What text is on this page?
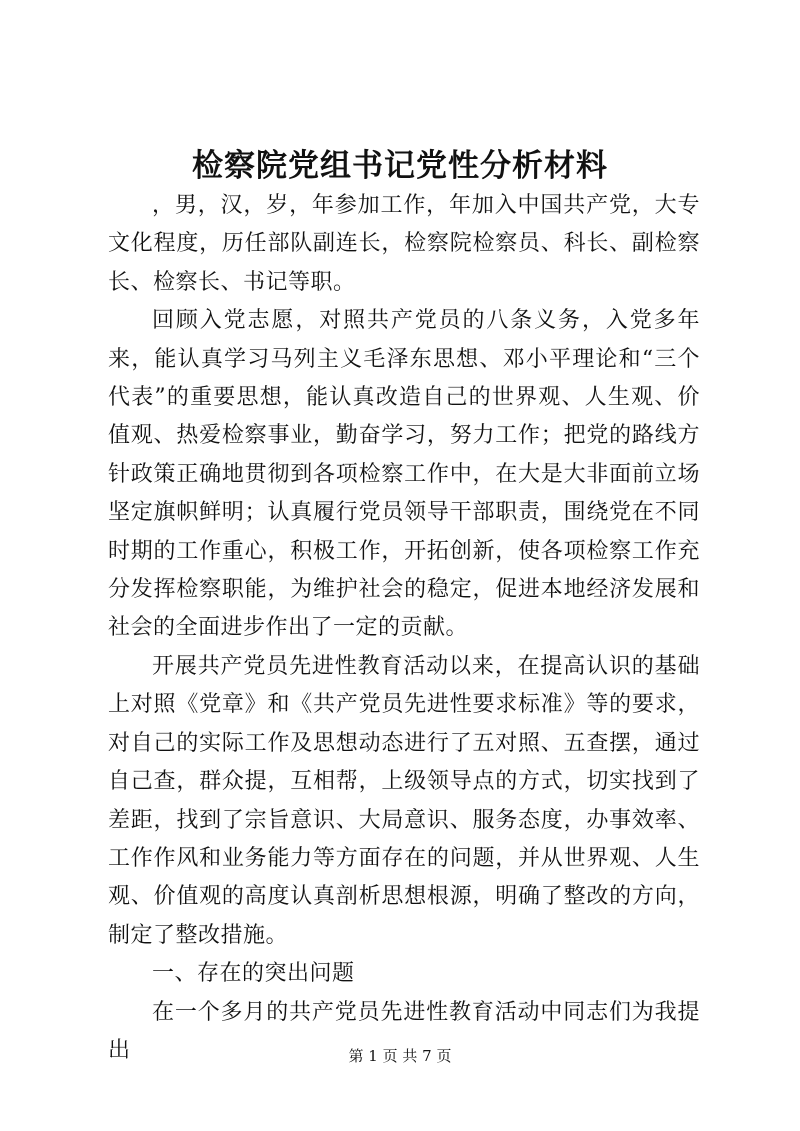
检察院党组书记党性分析材料

，男，汉，岁，年参加工作，年加入中国共产党，大专文化程度，历任部队副连长，检察院检察员、科长、副检察长、检察长、书记等职。

回顾入党志愿，对照共产党员的八条义务，入党多年来，能认真学习马列主义毛泽东思想、邓小平理论和“三个代表”的重要思想，能认真改造自己的世界观、人生观、价值观、热爱检察事业，勤奋学习，努力工作；把党的路线方针政策正确地贯彻到各项检察工作中，在大是大非面前立场坚定旗帜鲜明；认真履行党员领导干部职责，围绕党在不同时期的工作重心，积极工作，开拓创新，使各项检察工作充分发挥检察职能，为维护社会的稳定，促进本地经济发展和社会的全面进步作出了一定的贡献。

开展共产党员先进性教育活动以来，在提高认识的基础上对照《党章》和《共产党员先进性要求标准》等的要求，对自己的实际工作及思想动态进行了五对照、五查摆，通过自己查，群众提，互相帮，上级领导点的方式，切实找到了差距，找到了宗旨意识、大局意识、服务态度，办事效率、工作作风和业务能力等方面存在的问题，并从世界观、人生观、价值观的高度认真剖析思想根源，明确了整改的方向，制定了整改措施。

一、存在的突出问题

在一个多月的共产党员先进性教育活动中同志们为我提出	第 1 页 共 7 页
